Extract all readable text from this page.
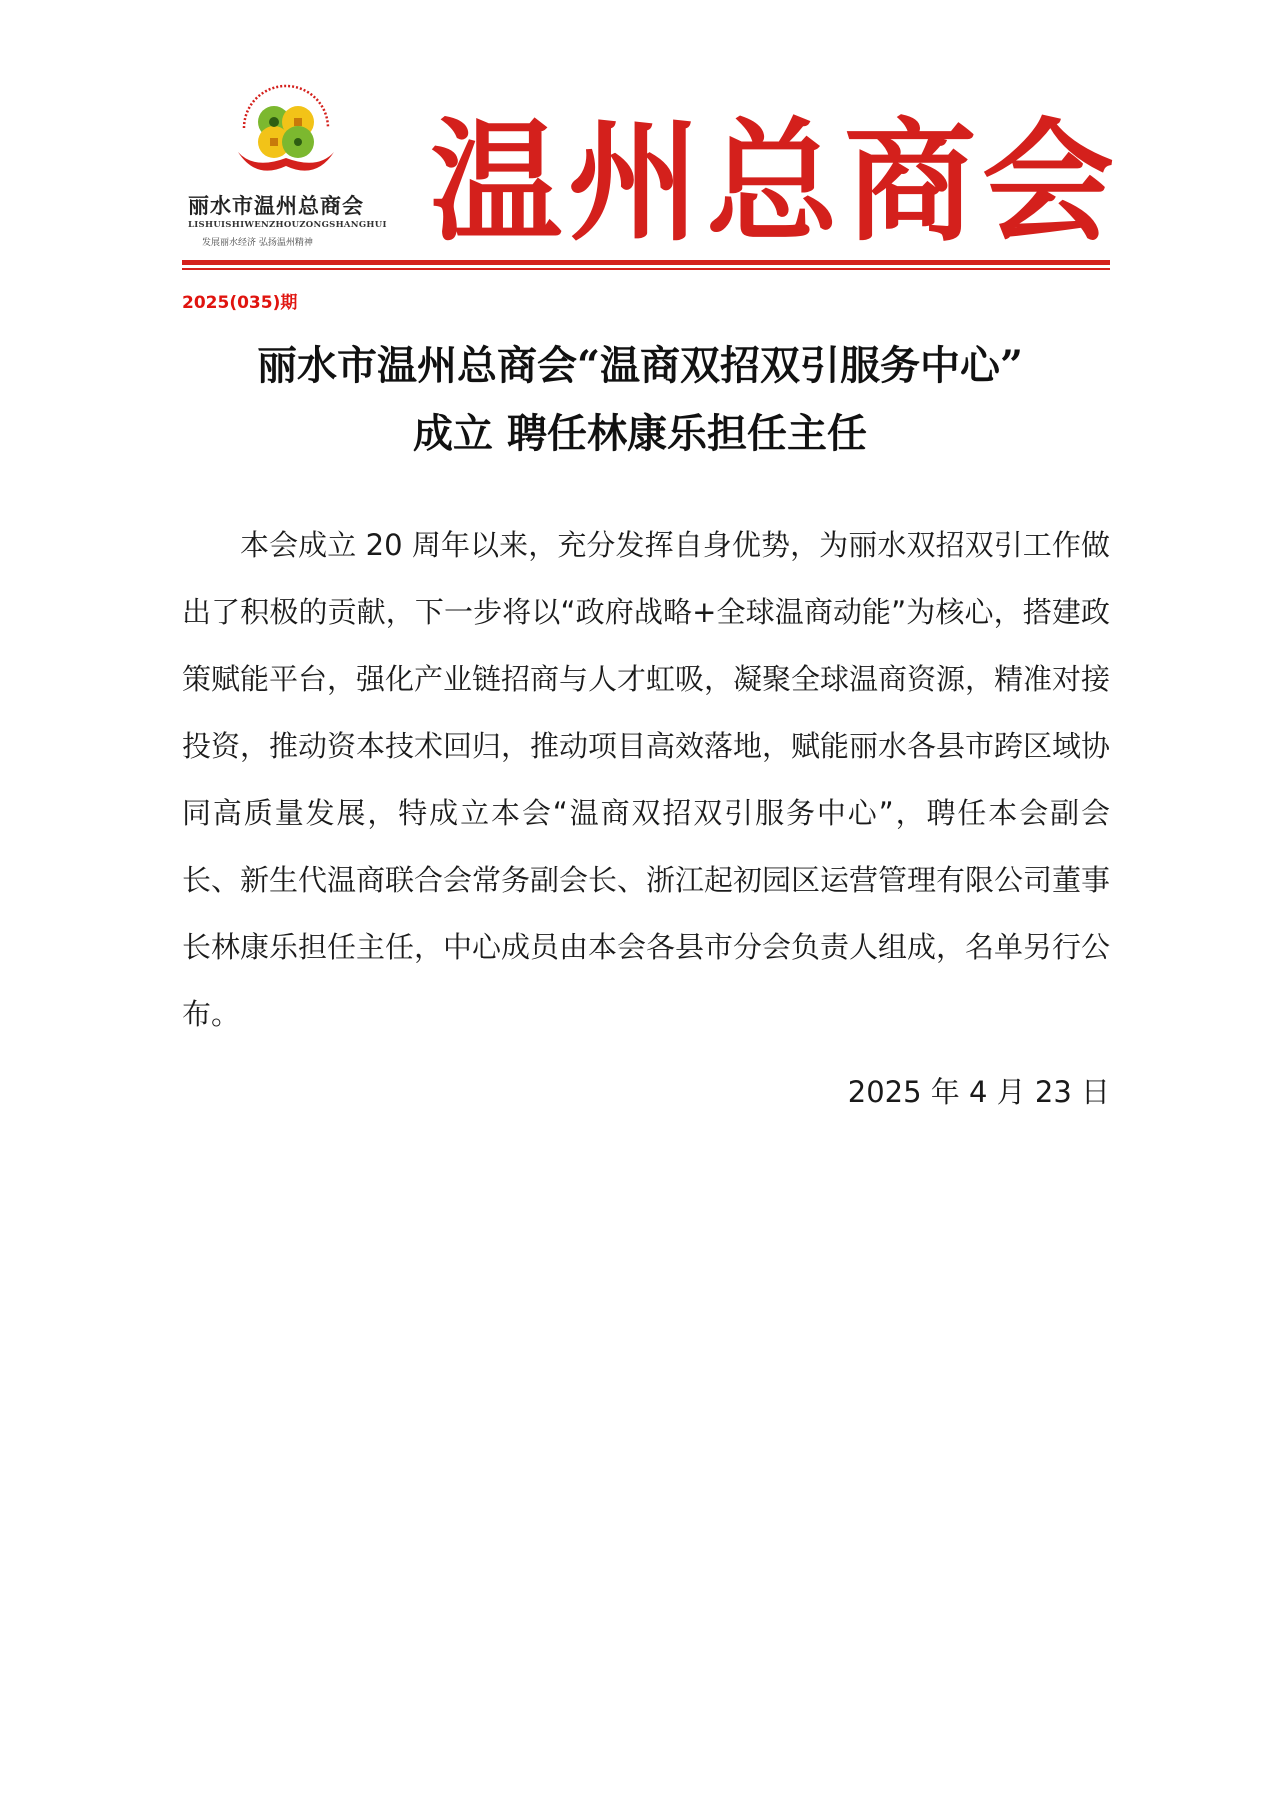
丽水市温州总商会
LISHUISHIWENZHOUZONGSHANGHUI
发展丽水经济 弘扬温州精神 温州总商会
2025(035)期
丽水市温州总商会“温商双招双引服务中心”
成立 聘任林康乐担任主任

本会成立 20 周年以来，充分发挥自身优势，为丽水双招双引工作做出了积极的贡献，下一步将以“政府战略+全球温商动能”为核心，搭建政策赋能平台，强化产业链招商与人才虹吸，凝聚全球温商资源，精准对接投资，推动资本技术回归，推动项目高效落地，赋能丽水各县市跨区域协同高质量发展，特成立本会“温商双招双引服务中心”，聘任本会副会长、新生代温商联合会常务副会长、浙江起初园区运营管理有限公司董事长林康乐担任主任，中心成员由本会各县市分会负责人组成，名单另行公布。

2025 年 4 月 23 日
